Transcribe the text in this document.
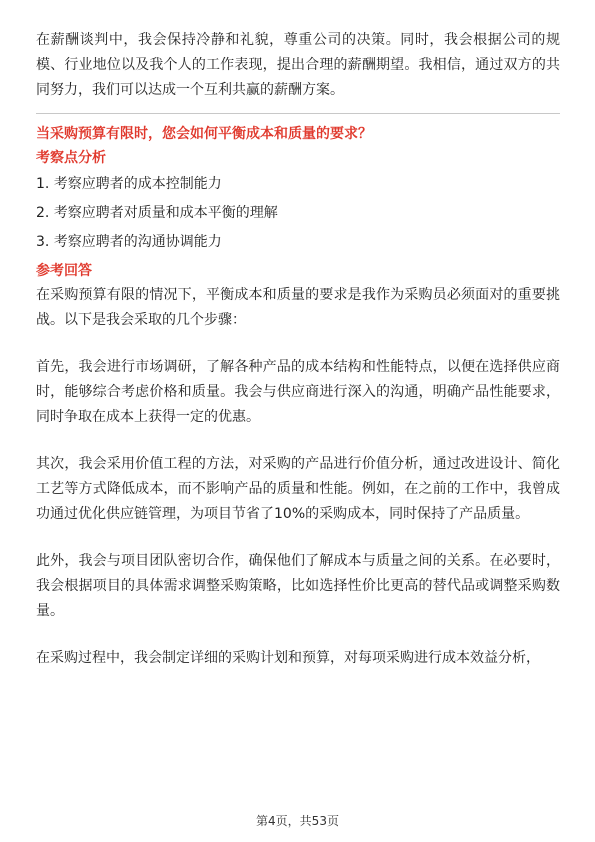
在薪酬谈判中，我会保持冷静和礼貌，尊重公司的决策。同时，我会根据公司的规模、行业地位以及我个人的工作表现，提出合理的薪酬期望。我相信，通过双方的共同努力，我们可以达成一个互利共赢的薪酬方案。

当采购预算有限时，您会如何平衡成本和质量的要求？

考察点分析

1. 考察应聘者的成本控制能力
2. 考察应聘者对质量和成本平衡的理解
3. 考察应聘者的沟通协调能力

参考回答

在采购预算有限的情况下，平衡成本和质量的要求是我作为采购员必须面对的重要挑战。以下是我会采取的几个步骤：

首先，我会进行市场调研，了解各种产品的成本结构和性能特点，以便在选择供应商时，能够综合考虑价格和质量。我会与供应商进行深入的沟通，明确产品性能要求，同时争取在成本上获得一定的优惠。

其次，我会采用价值工程的方法，对采购的产品进行价值分析，通过改进设计、简化工艺等方式降低成本，而不影响产品的质量和性能。例如，在之前的工作中，我曾成功通过优化供应链管理，为项目节省了10%的采购成本，同时保持了产品质量。

此外，我会与项目团队密切合作，确保他们了解成本与质量之间的关系。在必要时，我会根据项目的具体需求调整采购策略，比如选择性价比更高的替代品或调整采购数量。

在采购过程中，我会制定详细的采购计划和预算，对每项采购进行成本效益分析，

第4页，共53页
